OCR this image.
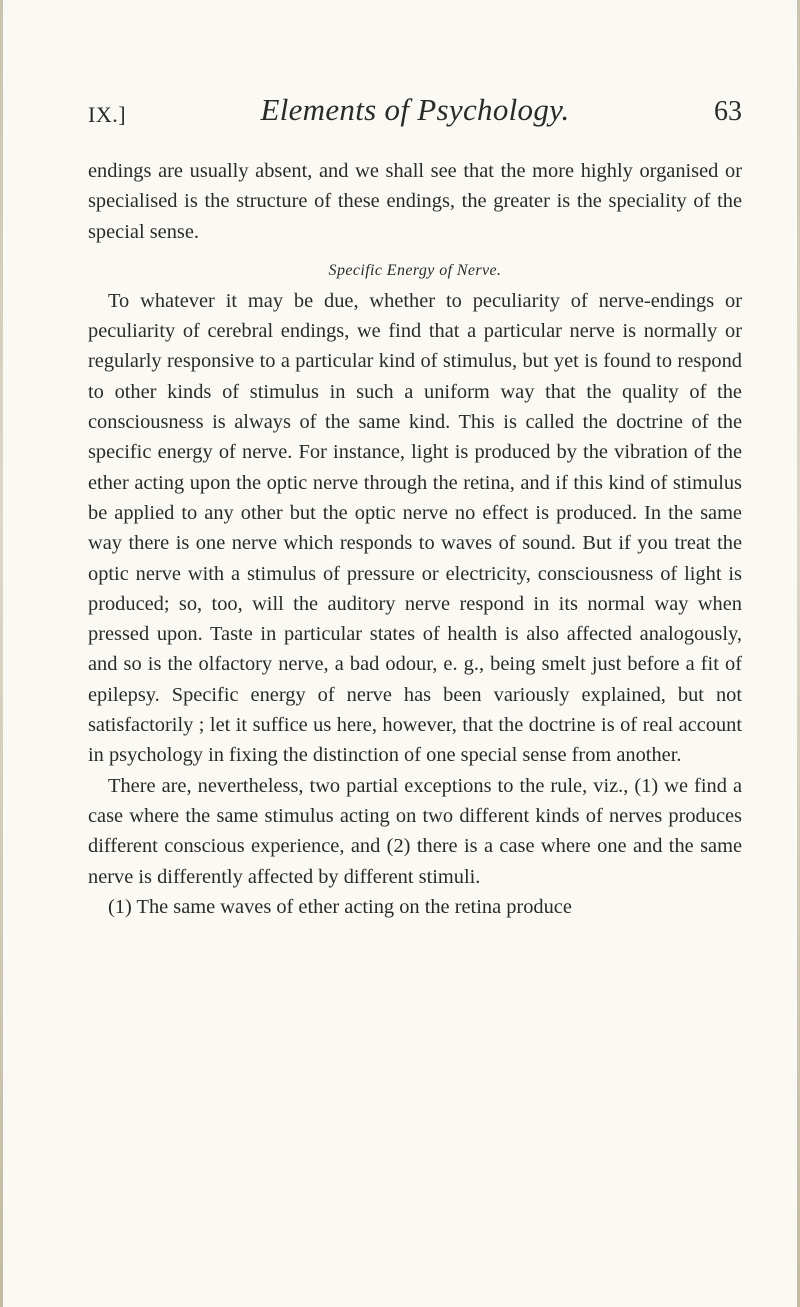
IX.]	Elements of Psychology.	63

endings are usually absent, and we shall see that the more highly organised or specialised is the structure of these endings, the greater is the speciality of the special sense.

Specific Energy of Nerve.

To whatever it may be due, whether to peculiarity of nerve-endings or peculiarity of cerebral endings, we find that a particular nerve is normally or regularly responsive to a particular kind of stimulus, but yet is found to respond to other kinds of stimulus in such a uniform way that the quality of the consciousness is always of the same kind. This is called the doctrine of the specific energy of nerve. For instance, light is produced by the vibration of the ether acting upon the optic nerve through the retina, and if this kind of stimulus be applied to any other but the optic nerve no effect is produced. In the same way there is one nerve which responds to waves of sound. But if you treat the optic nerve with a stimulus of pressure or electricity, consciousness of light is produced; so, too, will the auditory nerve respond in its normal way when pressed upon. Taste in particular states of health is also affected analogously, and so is the olfactory nerve, a bad odour, e. g., being smelt just before a fit of epilepsy. Specific energy of nerve has been variously explained, but not satisfactorily ; let it suffice us here, however, that the doctrine is of real account in psychology in fixing the distinction of one special sense from another.

There are, nevertheless, two partial exceptions to the rule, viz., (1) we find a case where the same stimulus acting on two different kinds of nerves produces different conscious experience, and (2) there is a case where one and the same nerve is differently affected by different stimuli.

(1) The same waves of ether acting on the retina produce
